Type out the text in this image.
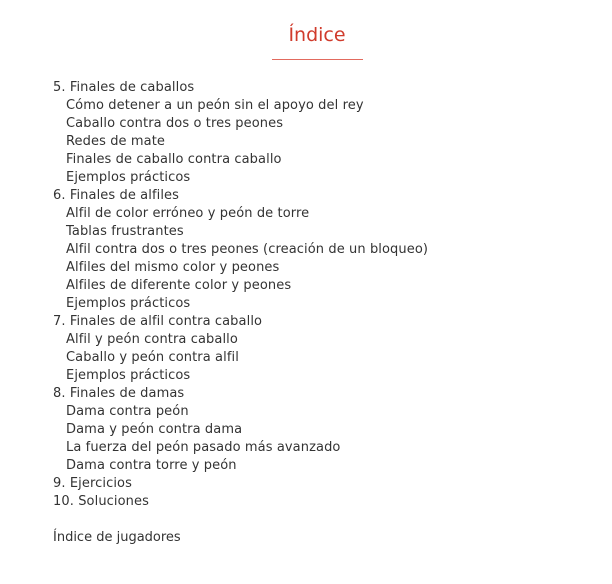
Índice
5. Finales de caballos
Cómo detener a un peón sin el apoyo del rey
Caballo contra dos o tres peones
Redes de mate
Finales de caballo contra caballo
Ejemplos prácticos
6. Finales de alfiles
Alfil de color erróneo y peón de torre
Tablas frustrantes
Alfil contra dos o tres peones (creación de un bloqueo)
Alfiles del mismo color y peones
Alfiles de diferente color y peones
Ejemplos prácticos
7. Finales de alfil contra caballo
Alfil y peón contra caballo
Caballo y peón contra alfil
Ejemplos prácticos
8. Finales de damas
Dama contra peón
Dama y peón contra dama
La fuerza del peón pasado más avanzado
Dama contra torre y peón
9. Ejercicios
10. Soluciones
Índice de jugadores
